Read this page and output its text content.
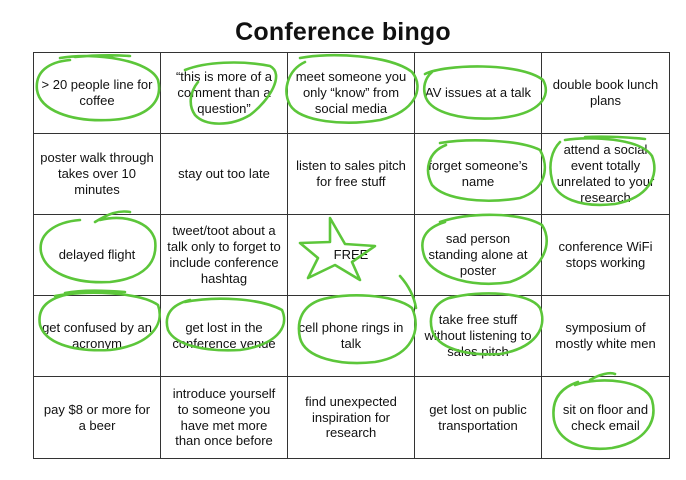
Conference bingo
> 20 people line for coffee
“this is more of a comment than a question”
meet someone you only “know” from social media
AV issues at a talk
double book lunch plans
poster walk through takes over 10 minutes
stay out too late
listen to sales pitch for free stuff
forget someone’s name
attend a social event totally unrelated to your research
delayed flight
tweet/toot about a talk only to forget to include conference hashtag
FREE
sad person standing alone at poster
conference WiFi stops working
get confused by an acronym
get lost in the conference venue
cell phone rings in talk
take free stuff without listening to sales pitch
symposium of mostly white men
pay $8 or more for a beer
introduce yourself to someone you have met more than once before
find unexpected inspiration for research
get lost on public transportation
sit on floor and check email
